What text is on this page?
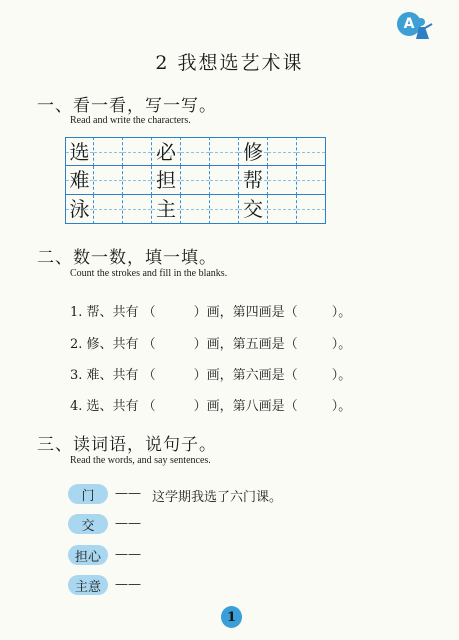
A
2 我想选艺术课
一、看一看，写一写。
Read and write the characters.
选	必	修
难	担	帮
泳	主	交
二、数一数，填一填。
Count the strokes and fill in the blanks.
1. 帮、共有 （	）画，第四画是（	）。
2. 修、共有 （	）画，第五画是（	）。
3. 难、共有 （	）画，第六画是（	）。
4. 选、共有 （	）画，第八画是（	）。
三、读词语，说句子。
Read the words, and say sentences.
门	—— 这学期我选了六门课。
交	——
担心	——
主意	——
1
